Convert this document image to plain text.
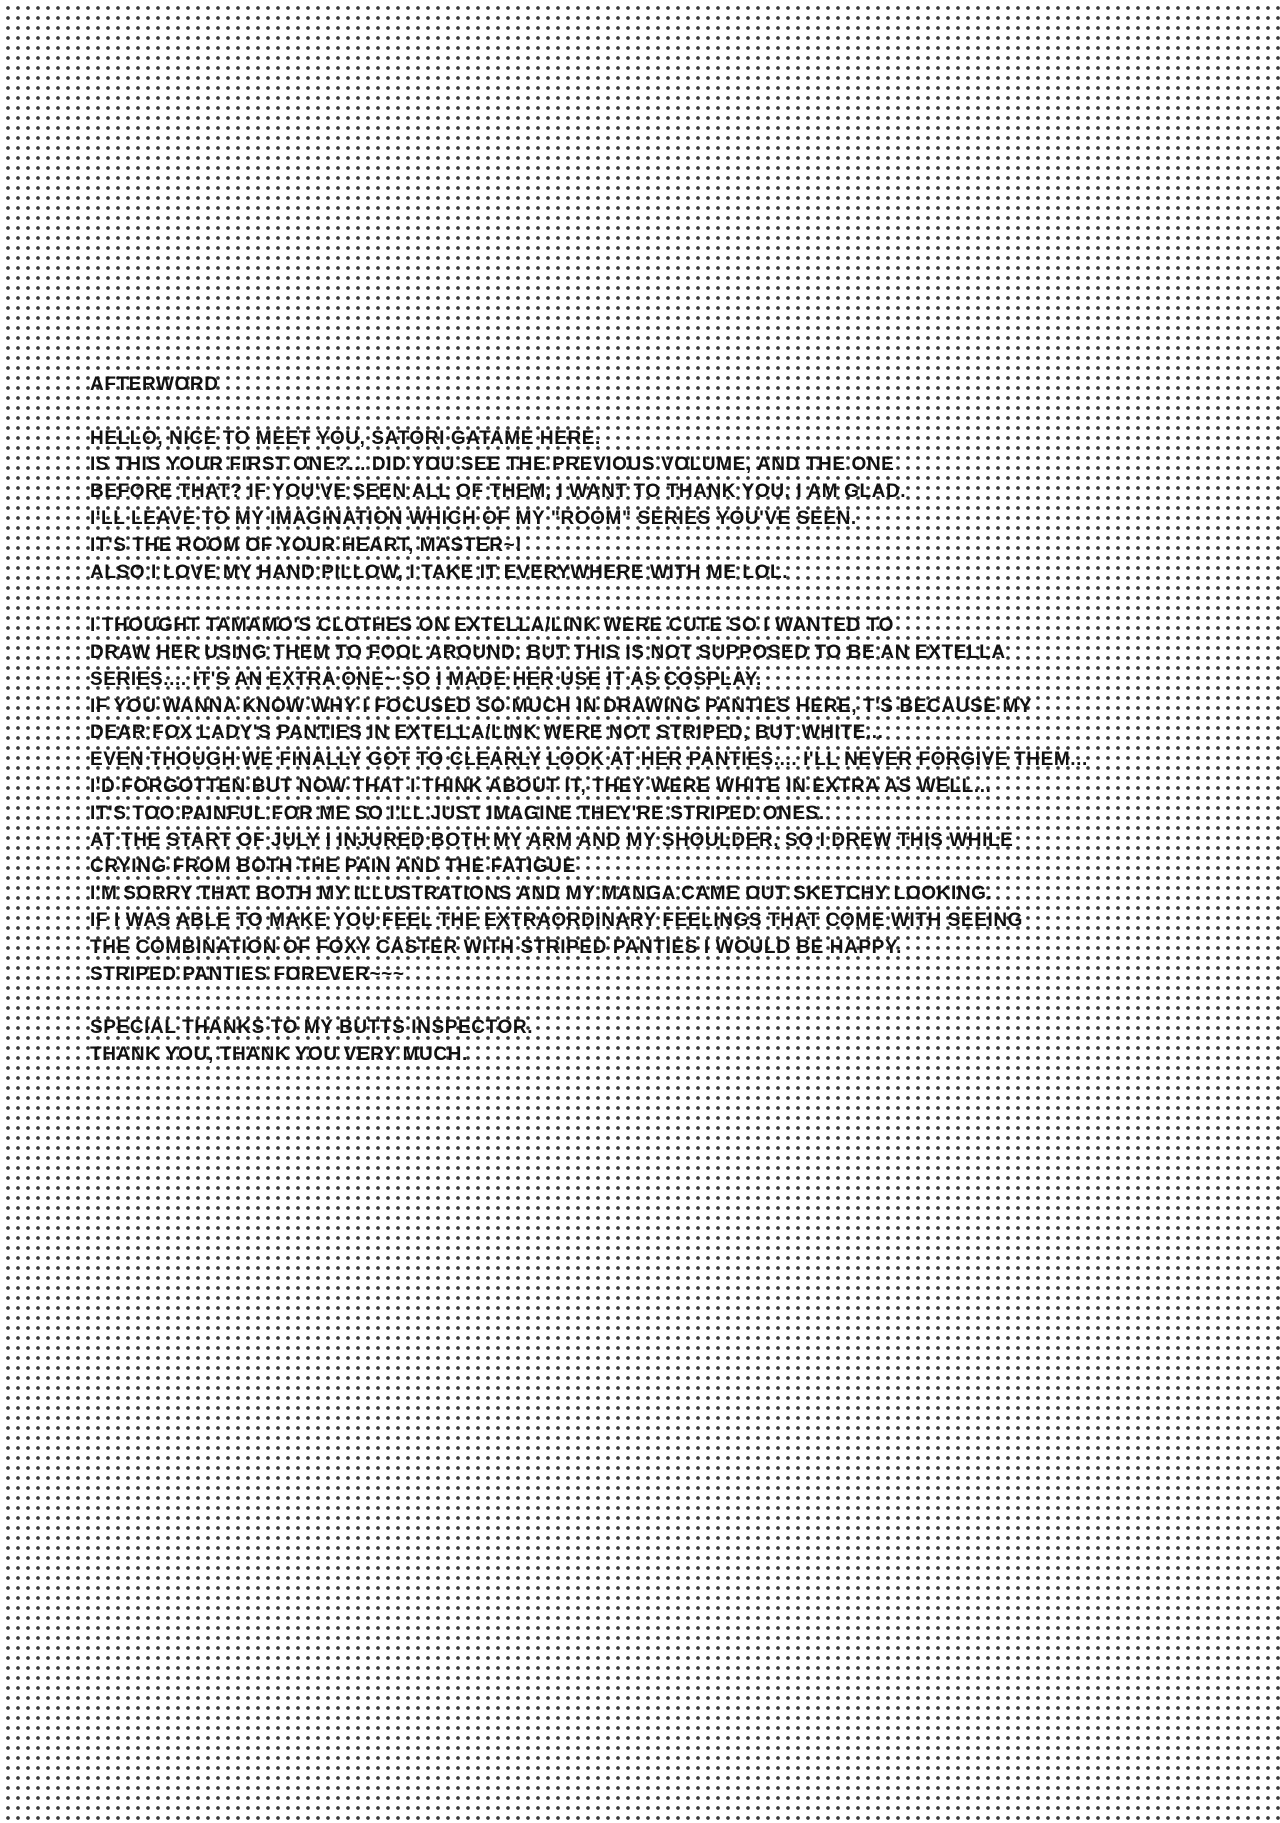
AFTERWORD
HELLO, NICE TO MEET YOU, SATORI GATAME HERE.
IS THIS YOUR FIRST ONE?... DID YOU SEE THE PREVIOUS VOLUME, AND THE ONE
BEFORE THAT? IF YOU'VE SEEN ALL OF THEM, I WANT TO THANK YOU. I AM GLAD.
I'LL LEAVE TO MY IMAGINATION WHICH OF MY "ROOM" SERIES YOU'VE SEEN.
IT'S THE ROOM OF YOUR HEART, MASTER~!
ALSO I LOVE MY HAND PILLOW, I TAKE IT EVERYWHERE WITH ME LOL.
I THOUGHT TAMAMO'S CLOTHES ON EXTELLA/LINK WERE CUTE SO I WANTED TO
DRAW HER USING THEM TO FOOL AROUND. BUT THIS IS NOT SUPPOSED TO BE AN EXTELLA
SERIES.... IT'S AN EXTRA ONE~ SO I MADE HER USE IT AS COSPLAY.
IF YOU WANNA KNOW WHY I FOCUSED SO MUCH IN DRAWING PANTIES HERE, T'S BECAUSE MY
DEAR FOX LADY'S PANTIES IN EXTELLA/LINK WERE NOT STRIPED, BUT WHITE...
EVEN THOUGH WE FINALLY GOT TO CLEARLY LOOK AT HER PANTIES.... I'LL NEVER FORGIVE THEM...
I'D FORGOTTEN BUT NOW THAT I THINK ABOUT IT, THEY WERE WHITE IN EXTRA AS WELL...
IT'S TOO PAINFUL FOR ME SO I'LL JUST IMAGINE THEY'RE STRIPED ONES.
AT THE START OF JULY I INJURED BOTH MY ARM AND MY SHOULDER, SO I DREW THIS WHILE
CRYING FROM BOTH THE PAIN AND THE FATIGUE
I'M SORRY THAT BOTH MY ILLUSTRATIONS AND MY MANGA CAME OUT SKETCHY LOOKING.
IF I WAS ABLE TO MAKE YOU FEEL THE EXTRAORDINARY FEELINGS THAT COME WITH SEEING
THE COMBINATION OF FOXY CASTER WITH STRIPED PANTIES I WOULD BE HAPPY.
STRIPED PANTIES FOREVER~~~
SPECIAL THANKS TO MY BUTTS INSPECTOR.
THANK YOU, THANK YOU VERY MUCH.
